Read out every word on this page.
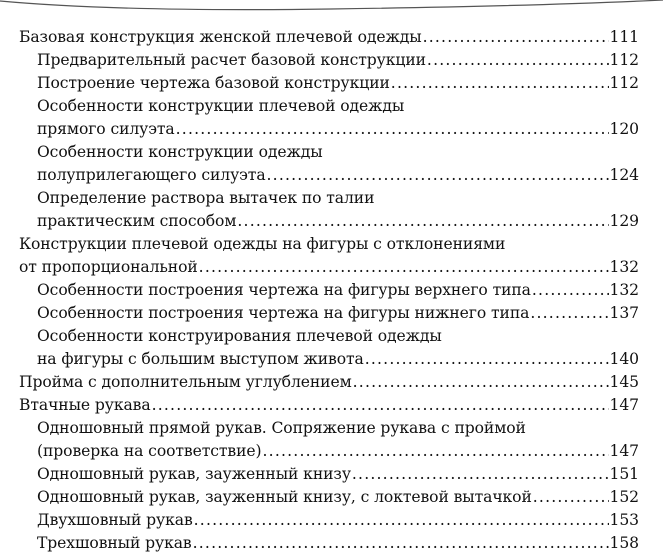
Базовая конструкция женской плечевой одежды .....	111
Предварительный расчет базовой конструкции .....	112
Построение чертежа базовой конструкции .....	112
Особенности конструкции плечевой одежды
прямого силуэта .....	120
Особенности конструкции одежды
полуприлегающего силуэта .....	124
Определение раствора вытачек по талии
практическим способом .....	129
Конструкции плечевой одежды на фигуры с отклонениями
от пропорциональной .....	132
Особенности построения чертежа на фигуры верхнего типа .....	132
Особенности построения чертежа на фигуры нижнего типа .....	137
Особенности конструирования плечевой одежды
на фигуры с большим выступом живота .....	140
Пройма с дополнительным углублением .....	145
Втачные рукава .....	147
Одношовный прямой рукав. Сопряжение рукава с проймой
(проверка на соответствие) .....	147
Одношовный рукав, зауженный книзу .....	151
Одношовный рукав, зауженный книзу, с локтевой вытачкой .....	152
Двухшовный рукав .....	153
Трехшовный рукав .....	158
